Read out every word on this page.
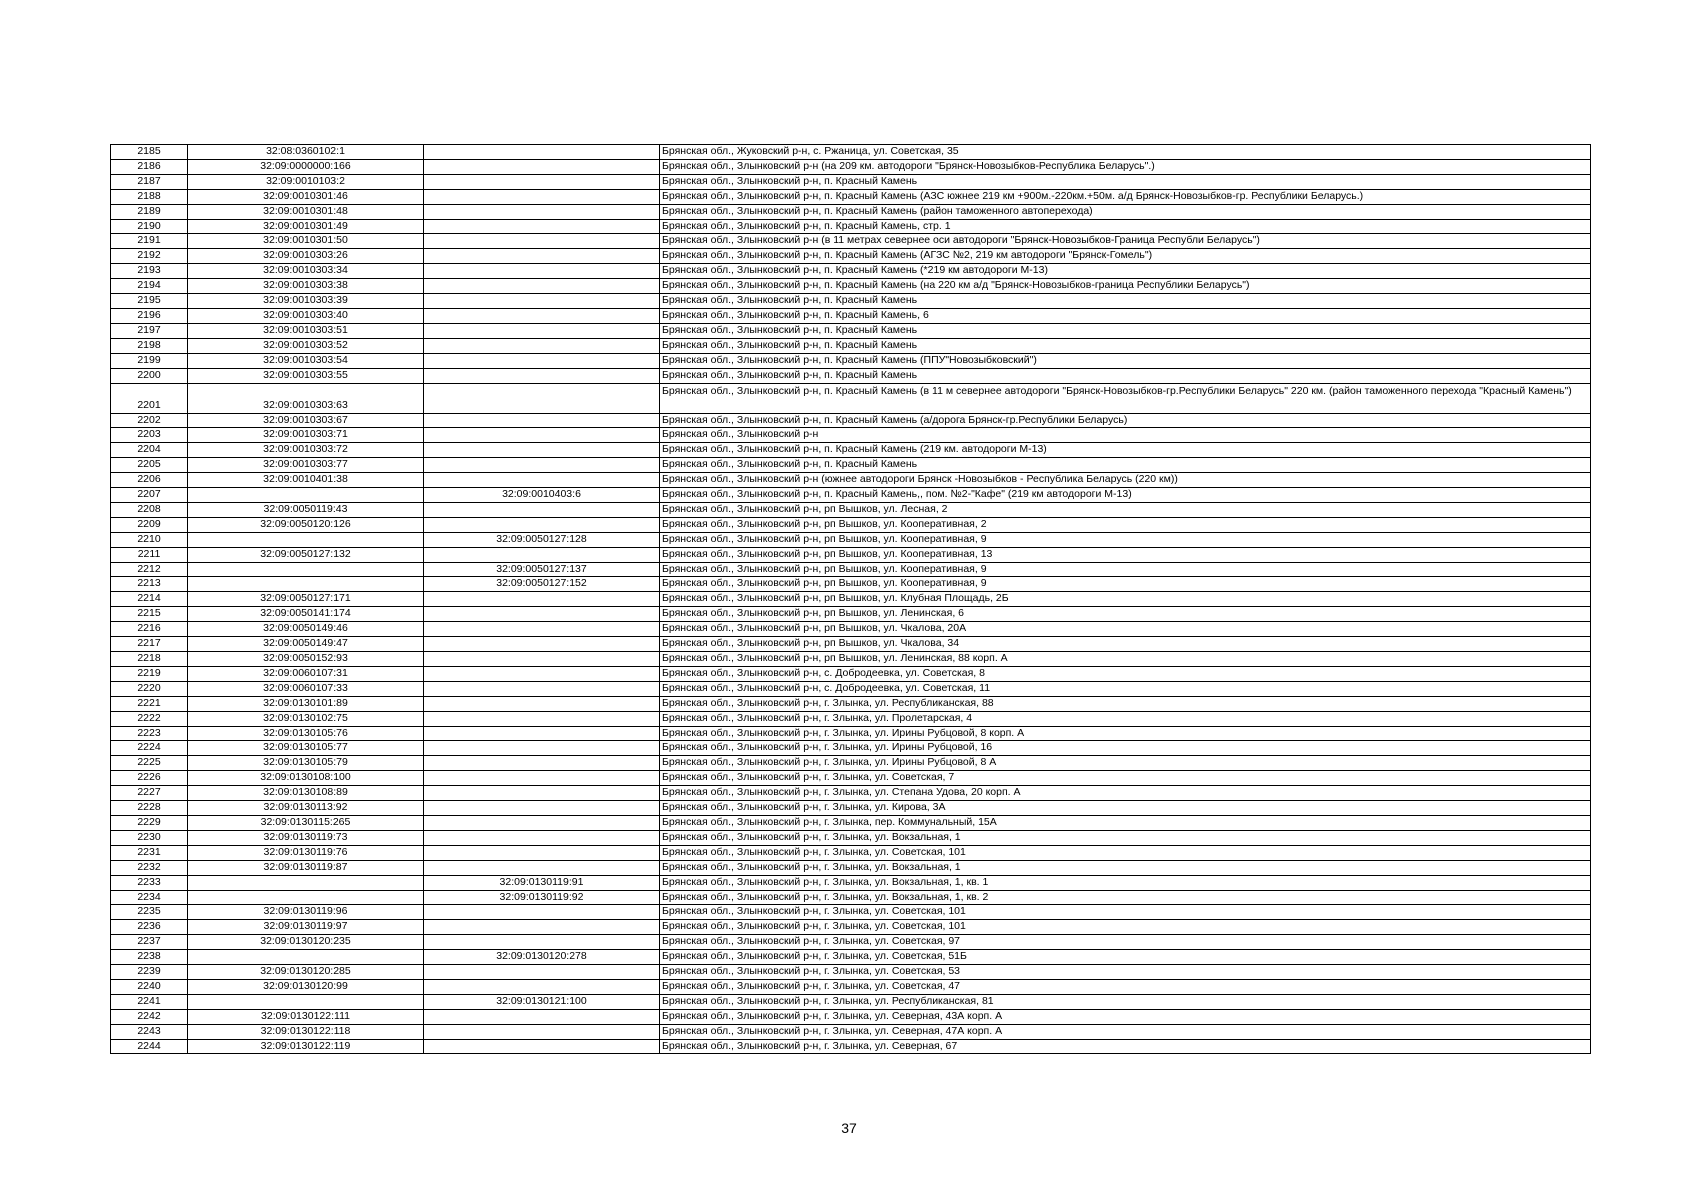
2185	32:08:0360102:1		Брянская обл., Жуковский р-н, с. Ржаница, ул. Советская, 35
2186	32:09:0000000:166		Брянская обл., Злынковский р-н (на 209 км. автодороги "Брянск-Новозыбков-Республика Беларусь".)
2187	32:09:0010103:2		Брянская обл., Злынковский р-н, п. Красный Камень
2188	32:09:0010301:46		Брянская обл., Злынковский р-н, п. Красный Камень (АЗС южнее 219 км +900м.-220км.+50м. а/д Брянск-Новозыбков-гр. Республики Беларусь.)
2189	32:09:0010301:48		Брянская обл., Злынковский р-н, п. Красный Камень (район таможенного автоперехода)
2190	32:09:0010301:49		Брянская обл., Злынковский р-н, п. Красный Камень, стр. 1
2191	32:09:0010301:50		Брянская обл., Злынковский р-н (в 11 метрах севернее оси автодороги "Брянск-Новозыбков-Граница Республи Беларусь")
2192	32:09:0010303:26		Брянская обл., Злынковский р-н, п. Красный Камень (АГЗС №2, 219 км автодороги "Брянск-Гомель")
2193	32:09:0010303:34		Брянская обл., Злынковский р-н, п. Красный Камень (*219 км автодороги М-13)
2194	32:09:0010303:38		Брянская обл., Злынковский р-н, п. Красный Камень (на 220 км а/д "Брянск-Новозыбков-граница Республики Беларусь")
2195	32:09:0010303:39		Брянская обл., Злынковский р-н, п. Красный Камень
2196	32:09:0010303:40		Брянская обл., Злынковский р-н, п. Красный Камень, 6
2197	32:09:0010303:51		Брянская обл., Злынковский р-н, п. Красный Камень
2198	32:09:0010303:52		Брянская обл., Злынковский р-н, п. Красный Камень
2199	32:09:0010303:54		Брянская обл., Злынковский р-н, п. Красный Камень (ППУ"Новозыбковский")
2200	32:09:0010303:55		Брянская обл., Злынковский р-н, п. Красный Камень
2201	32:09:0010303:63		Брянская обл., Злынковский р-н, п. Красный Камень (в 11 м севернее автодороги "Брянск-Новозыбков-гр.Республики Беларусь" 220 км. (район таможенного перехода "Красный Камень")
2202	32:09:0010303:67		Брянская обл., Злынковский р-н, п. Красный Камень (а/дорога Брянск-гр.Республики Беларусь)
2203	32:09:0010303:71		Брянская обл., Злынковский р-н
2204	32:09:0010303:72		Брянская обл., Злынковский р-н, п. Красный Камень (219 км. автодороги М-13)
2205	32:09:0010303:77		Брянская обл., Злынковский р-н, п. Красный Камень
2206	32:09:0010401:38		Брянская обл., Злынковский р-н (южнее автодороги Брянск -Новозыбков - Республика Беларусь (220 км))
2207		32:09:0010403:6	Брянская обл., Злынковский р-н, п. Красный Камень,, пом. №2-"Кафе" (219 км автодороги М-13)
2208	32:09:0050119:43		Брянская обл., Злынковский р-н, рп Вышков, ул. Лесная, 2
2209	32:09:0050120:126		Брянская обл., Злынковский р-н, рп Вышков, ул. Кооперативная, 2
2210		32:09:0050127:128	Брянская обл., Злынковский р-н, рп Вышков, ул. Кооперативная, 9
2211	32:09:0050127:132		Брянская обл., Злынковский р-н, рп Вышков, ул. Кооперативная, 13
2212		32:09:0050127:137	Брянская обл., Злынковский р-н, рп Вышков, ул. Кооперативная, 9
2213		32:09:0050127:152	Брянская обл., Злынковский р-н, рп Вышков, ул. Кооперативная, 9
2214	32:09:0050127:171		Брянская обл., Злынковский р-н, рп Вышков, ул. Клубная Площадь, 2Б
2215	32:09:0050141:174		Брянская обл., Злынковский р-н, рп Вышков, ул. Ленинская, 6
2216	32:09:0050149:46		Брянская обл., Злынковский р-н, рп Вышков, ул. Чкалова, 20А
2217	32:09:0050149:47		Брянская обл., Злынковский р-н, рп Вышков, ул. Чкалова, 34
2218	32:09:0050152:93		Брянская обл., Злынковский р-н, рп Вышков, ул. Ленинская, 88 корп. А
2219	32:09:0060107:31		Брянская обл., Злынковский р-н, с. Добродеевка, ул. Советская, 8
2220	32:09:0060107:33		Брянская обл., Злынковский р-н, с. Добродеевка, ул. Советская, 11
2221	32:09:0130101:89		Брянская обл., Злынковский р-н, г. Злынка, ул. Республиканская, 88
2222	32:09:0130102:75		Брянская обл., Злынковский р-н, г. Злынка, ул. Пролетарская, 4
2223	32:09:0130105:76		Брянская обл., Злынковский р-н, г. Злынка, ул. Ирины Рубцовой, 8 корп. А
2224	32:09:0130105:77		Брянская обл., Злынковский р-н, г. Злынка, ул. Ирины Рубцовой, 16
2225	32:09:0130105:79		Брянская обл., Злынковский р-н, г. Злынка, ул. Ирины Рубцовой, 8 А
2226	32:09:0130108:100		Брянская обл., Злынковский р-н, г. Злынка, ул. Советская, 7
2227	32:09:0130108:89		Брянская обл., Злынковский р-н, г. Злынка, ул. Степана Удова, 20 корп. А
2228	32:09:0130113:92		Брянская обл., Злынковский р-н, г. Злынка, ул. Кирова, 3А
2229	32:09:0130115:265		Брянская обл., Злынковский р-н, г. Злынка, пер. Коммунальный, 15А
2230	32:09:0130119:73		Брянская обл., Злынковский р-н, г. Злынка, ул. Вокзальная, 1
2231	32:09:0130119:76		Брянская обл., Злынковский р-н, г. Злынка, ул. Советская, 101
2232	32:09:0130119:87		Брянская обл., Злынковский р-н, г. Злынка, ул. Вокзальная, 1
2233		32:09:0130119:91	Брянская обл., Злынковский р-н, г. Злынка, ул. Вокзальная, 1, кв. 1
2234		32:09:0130119:92	Брянская обл., Злынковский р-н, г. Злынка, ул. Вокзальная, 1, кв. 2
2235	32:09:0130119:96		Брянская обл., Злынковский р-н, г. Злынка, ул. Советская, 101
2236	32:09:0130119:97		Брянская обл., Злынковский р-н, г. Злынка, ул. Советская, 101
2237	32:09:0130120:235		Брянская обл., Злынковский р-н, г. Злынка, ул. Советская, 97
2238		32:09:0130120:278	Брянская обл., Злынковский р-н, г. Злынка, ул. Советская, 51Б
2239	32:09:0130120:285		Брянская обл., Злынковский р-н, г. Злынка, ул. Советская, 53
2240	32:09:0130120:99		Брянская обл., Злынковский р-н, г. Злынка, ул. Советская, 47
2241		32:09:0130121:100	Брянская обл., Злынковский р-н, г. Злынка, ул. Республиканская, 81
2242	32:09:0130122:111		Брянская обл., Злынковский р-н, г. Злынка, ул. Северная, 43А корп. А
2243	32:09:0130122:118		Брянская обл., Злынковский р-н, г. Злынка, ул. Северная, 47А корп. А
2244	32:09:0130122:119		Брянская обл., Злынковский р-н, г. Злынка, ул. Северная, 67
37
